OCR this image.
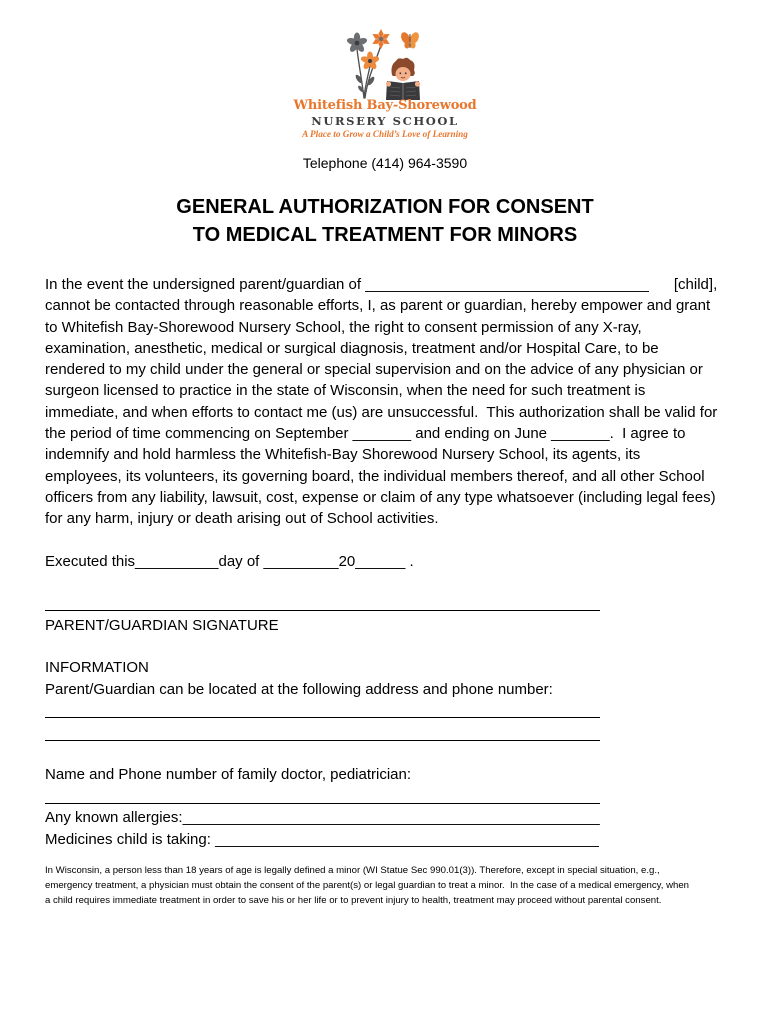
Whitefish Bay-Shorewood
NURSERY SCHOOL
A Place to Grow a Child’s Love of Learning
Telephone (414) 964-3590
GENERAL AUTHORIZATION FOR CONSENT
TO MEDICAL TREATMENT FOR MINORS
In the event the undersigned parent/guardian of __________________________________      [child],
cannot be contacted through reasonable efforts, I, as parent or guardian, hereby empower and grant
to Whitefish Bay-Shorewood Nursery School, the right to consent permission of any X-ray,
examination, anesthetic, medical or surgical diagnosis, treatment and/or Hospital Care, to be
rendered to my child under the general or special supervision and on the advice of any physician or
surgeon licensed to practice in the state of Wisconsin, when the need for such treatment is
immediate, and when efforts to contact me (us) are unsuccessful.  This authorization shall be valid for
the period of time commencing on September _______ and ending on June _______.  I agree to
indemnify and hold harmless the Whitefish-Bay Shorewood Nursery School, its agents, its
employees, its volunteers, its governing board, the individual members thereof, and all other School
officers from any liability, lawsuit, cost, expense or claim of any type whatsoever (including legal fees)
for any harm, injury or death arising out of School activities.
Executed this__________day of _________20______ .
PARENT/GUARDIAN SIGNATURE
INFORMATION
Parent/Guardian can be located at the following address and phone number:
Name and Phone number of family doctor, pediatrician:
Any known allergies:__________________________________________________
Medicines child is taking: ______________________________________________
In Wisconsin, a person less than 18 years of age is legally defined a minor (WI Statue Sec 990.01(3)). Therefore, except in special situation, e.g.,
emergency treatment, a physician must obtain the consent of the parent(s) or legal guardian to treat a minor.  In the case of a medical emergency, when
a child requires immediate treatment in order to save his or her life or to prevent injury to health, treatment may proceed without parental consent.
